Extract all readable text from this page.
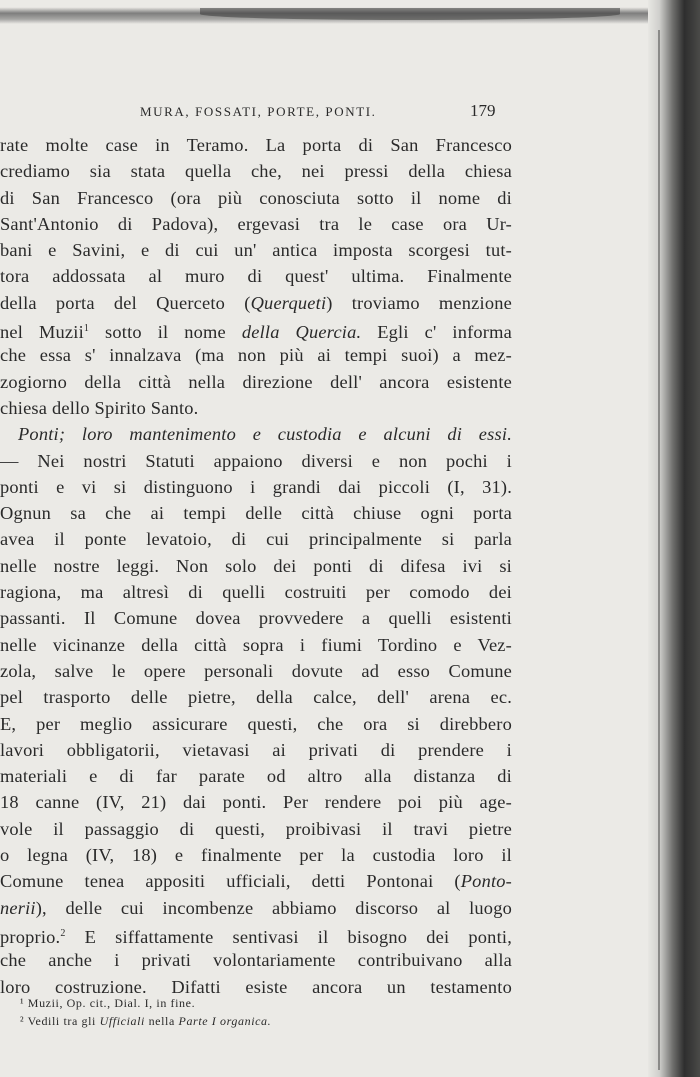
MURA, FOSSATI, PORTE, PONTI.	179
rate molte case in Teramo. La porta di San Francesco
crediamo sia stata quella che, nei pressi della chiesa
di San Francesco (ora più conosciuta sotto il nome di
Sant'Antonio di Padova), ergevasi tra le case ora Ur-
bani e Savini, e di cui un' antica imposta scorgesi tut-
tora addossata al muro di quest' ultima. Finalmente
della porta del Querceto (Querqueti) troviamo menzione
nel Muzii$^1$ sotto il nome della Quercia. Egli c' informa
che essa s' innalzava (ma non più ai tempi suoi) a mez-
zogiorno della città nella direzione dell' ancora esistente
chiesa dello Spirito Santo.
Ponti; loro mantenimento e custodia e alcuni di essi.
— Nei nostri Statuti appaiono diversi e non pochi i
ponti e vi si distinguono i grandi dai piccoli (I, 31).
Ognun sa che ai tempi delle città chiuse ogni porta
avea il ponte levatoio, di cui principalmente si parla
nelle nostre leggi. Non solo dei ponti di difesa ivi si
ragiona, ma altresì di quelli costruiti per comodo dei
passanti. Il Comune dovea provvedere a quelli esistenti
nelle vicinanze della città sopra i fiumi Tordino e Vez-
zola, salve le opere personali dovute ad esso Comune
pel trasporto delle pietre, della calce, dell' arena ec.
E, per meglio assicurare questi, che ora si direbbero
lavori obbligatorii, vietavasi ai privati di prendere i
materiali e di far parate od altro alla distanza di
18 canne (IV, 21) dai ponti. Per rendere poi più age-
vole il passaggio di questi, proibivasi il travi pietre
o legna (IV, 18) e finalmente per la custodia loro il
Comune tenea appositi ufficiali, detti Pontonai (Ponto-
nerii), delle cui incombenze abbiamo discorso al luogo
proprio.$^2$ E siffattamente sentivasi il bisogno dei ponti,
che anche i privati volontariamente contribuivano alla
loro costruzione. Difatti esiste ancora un testamento
¹ Muzii, Op. cit., Dial. I, in fine.
² Vedili tra gli Ufficiali nella Parte I organica.
